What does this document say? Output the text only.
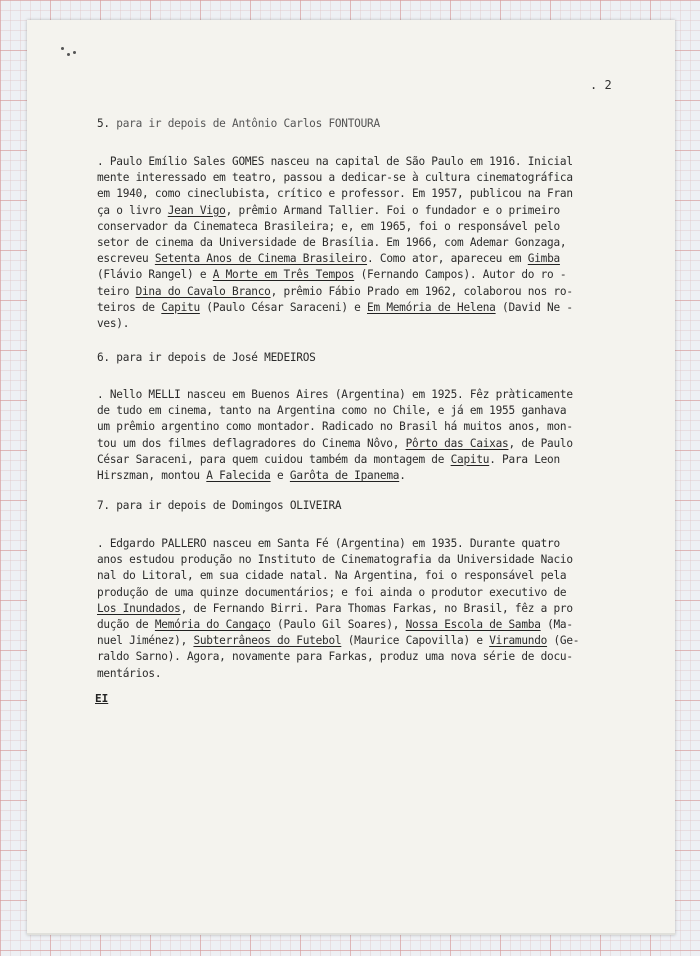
. 2

5. para ir depois de Antônio Carlos FONTOURA

. Paulo Emílio Sales GOMES nasceu na capital de São Paulo em 1916. Inicial

mente interessado em teatro, passou a dedicar-se à cultura cinematográfica

em 1940, como cineclubista, crítico e professor. Em 1957, publicou na Fran

ça o livro Jean Vigo, prêmio Armand Tallier. Foi o fundador e o primeiro

conservador da Cinemateca Brasileira; e, em 1965, foi o responsável pelo

setor de cinema da Universidade de Brasília. Em 1966, com Ademar Gonzaga,

escreveu Setenta Anos de Cinema Brasileiro. Como ator, apareceu em Gimba

(Flávio Rangel) e A Morte em Três Tempos (Fernando Campos). Autor do ro -

teiro Dina do Cavalo Branco, prêmio Fábio Prado em 1962, colaborou nos ro-

teiros de Capitu (Paulo César Saraceni) e Em Memória de Helena (David Ne -

ves).

6. para ir depois de José MEDEIROS

. Nello MELLI nasceu em Buenos Aires (Argentina) em 1925. Fêz pràticamente

de tudo em cinema, tanto na Argentina como no Chile, e já em 1955 ganhava

um prêmio argentino como montador. Radicado no Brasil há muitos anos, mon-

tou um dos filmes deflagradores do Cinema Nôvo, Pôrto das Caixas, de Paulo

César Saraceni, para quem cuidou também da montagem de Capitu. Para Leon

Hirszman, montou A Falecida e Garôta de Ipanema.

7. para ir depois de Domingos OLIVEIRA

. Edgardo PALLERO nasceu em Santa Fé (Argentina) em 1935. Durante quatro

anos estudou produção no Instituto de Cinematografia da Universidade Nacio

nal do Litoral, em sua cidade natal. Na Argentina, foi o responsável pela

produção de uma quinze documentários; e foi ainda o produtor executivo de

Los Inundados, de Fernando Birri. Para Thomas Farkas, no Brasil, fêz a pro

dução de Memória do Cangaço (Paulo Gil Soares), Nossa Escola de Samba (Ma-

nuel Jiménez), Subterrâneos do Futebol (Maurice Capovilla) e Viramundo (Ge-

raldo Sarno). Agora, novamente para Farkas, produz uma nova série de docu-

mentários.

EI
